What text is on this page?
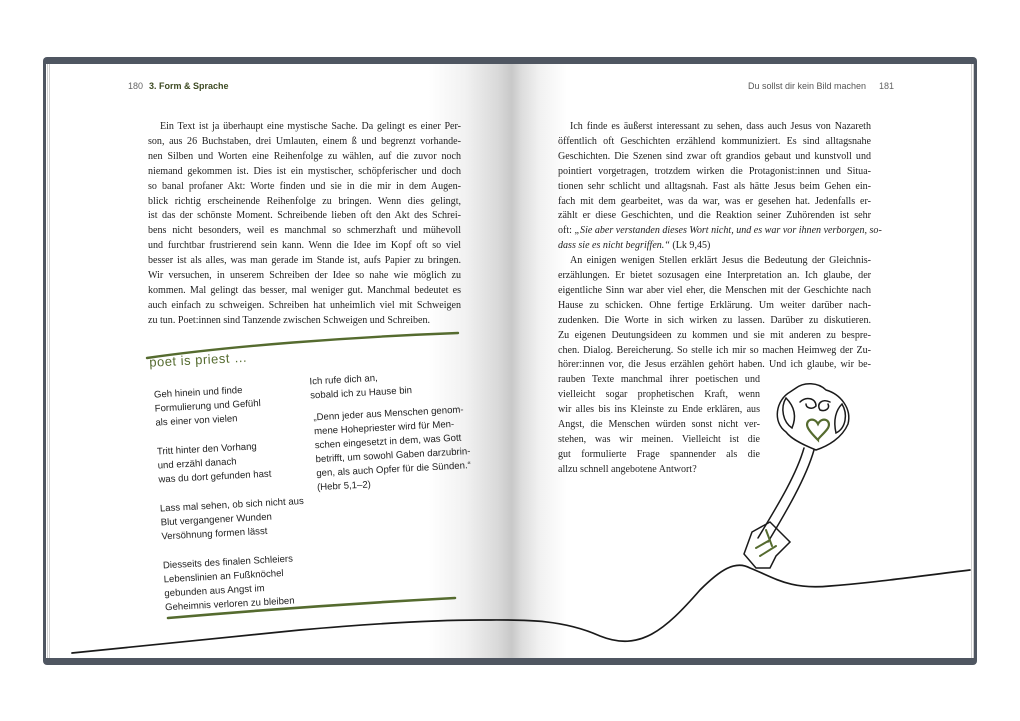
180 3. Form & Sprache	Du sollst dir kein Bild machen 181
Ein Text ist ja überhaupt eine mystische Sache. Da gelingt es einer Per-
son, aus 26 Buchstaben, drei Umlauten, einem ß und begrenzt vorhande-
nen Silben und Worten eine Reihenfolge zu wählen, auf die zuvor noch
niemand gekommen ist. Dies ist ein mystischer, schöpferischer und doch
so banal profaner Akt: Worte finden und sie in die mir in dem Augen-
blick richtig erscheinende Reihenfolge zu bringen. Wenn dies gelingt,
ist das der schönste Moment. Schreibende lieben oft den Akt des Schrei-
bens nicht besonders, weil es manchmal so schmerzhaft und mühevoll
und furchtbar frustrierend sein kann. Wenn die Idee im Kopf oft so viel
besser ist als alles, was man gerade im Stande ist, aufs Papier zu bringen.
Wir versuchen, in unserem Schreiben der Idee so nahe wie möglich zu
kommen. Mal gelingt das besser, mal weniger gut. Manchmal bedeutet es
auch einfach zu schweigen. Schreiben hat unheimlich viel mit Schweigen
zu tun. Poet:innen sind Tanzende zwischen Schweigen und Schreiben.
poet is priest …
Geh hinein und finde
Formulierung und Gefühl
als einer von vielen
Tritt hinter den Vorhang
und erzähl danach
was du dort gefunden hast
Lass mal sehen, ob sich nicht aus
Blut vergangener Wunden
Versöhnung formen lässt
Diesseits des finalen Schleiers
Lebenslinien an Fußknöchel
gebunden aus Angst im
Geheimnis verloren zu bleiben
Ich rufe dich an,
sobald ich zu Hause bin
„Denn jeder aus Menschen genom-
mene Hohepriester wird für Men-
schen eingesetzt in dem, was Gott
betrifft, um sowohl Gaben darzubrin-
gen, als auch Opfer für die Sünden.“
(Hebr 5,1–2)
Ich finde es äußerst interessant zu sehen, dass auch Jesus von Nazareth
öffentlich oft Geschichten erzählend kommuniziert. Es sind alltagsnahe
Geschichten. Die Szenen sind zwar oft grandios gebaut und kunstvoll und
pointiert vorgetragen, trotzdem wirken die Protagonist:innen und Situa-
tionen sehr schlicht und alltagsnah. Fast als hätte Jesus beim Gehen ein-
fach mit dem gearbeitet, was da war, was er gesehen hat. Jedenfalls er-
zählt er diese Geschichten, und die Reaktion seiner Zuhörenden ist sehr
oft: „Sie aber verstanden dieses Wort nicht, und es war vor ihnen verborgen, so-
dass sie es nicht begriffen.“ (Lk 9,45)
An einigen wenigen Stellen erklärt Jesus die Bedeutung der Gleichnis-
erzählungen. Er bietet sozusagen eine Interpretation an. Ich glaube, der
eigentliche Sinn war aber viel eher, die Menschen mit der Geschichte nach
Hause zu schicken. Ohne fertige Erklärung. Um weiter darüber nach-
zudenken. Die Worte in sich wirken zu lassen. Darüber zu diskutieren.
Zu eigenen Deutungsideen zu kommen und sie mit anderen zu bespre-
chen. Dialog. Bereicherung. So stelle ich mir so machen Heimweg der Zu-
hörer:innen vor, die Jesus erzählen gehört haben. Und ich glaube, wir be-
rauben Texte manchmal ihrer poetischen und
vielleicht sogar prophetischen Kraft, wenn
wir alles bis ins Kleinste zu Ende erklären, aus
Angst, die Menschen würden sonst nicht ver-
stehen, was wir meinen. Vielleicht ist die
gut formulierte Frage spannender als die
allzu schnell angebotene Antwort?
